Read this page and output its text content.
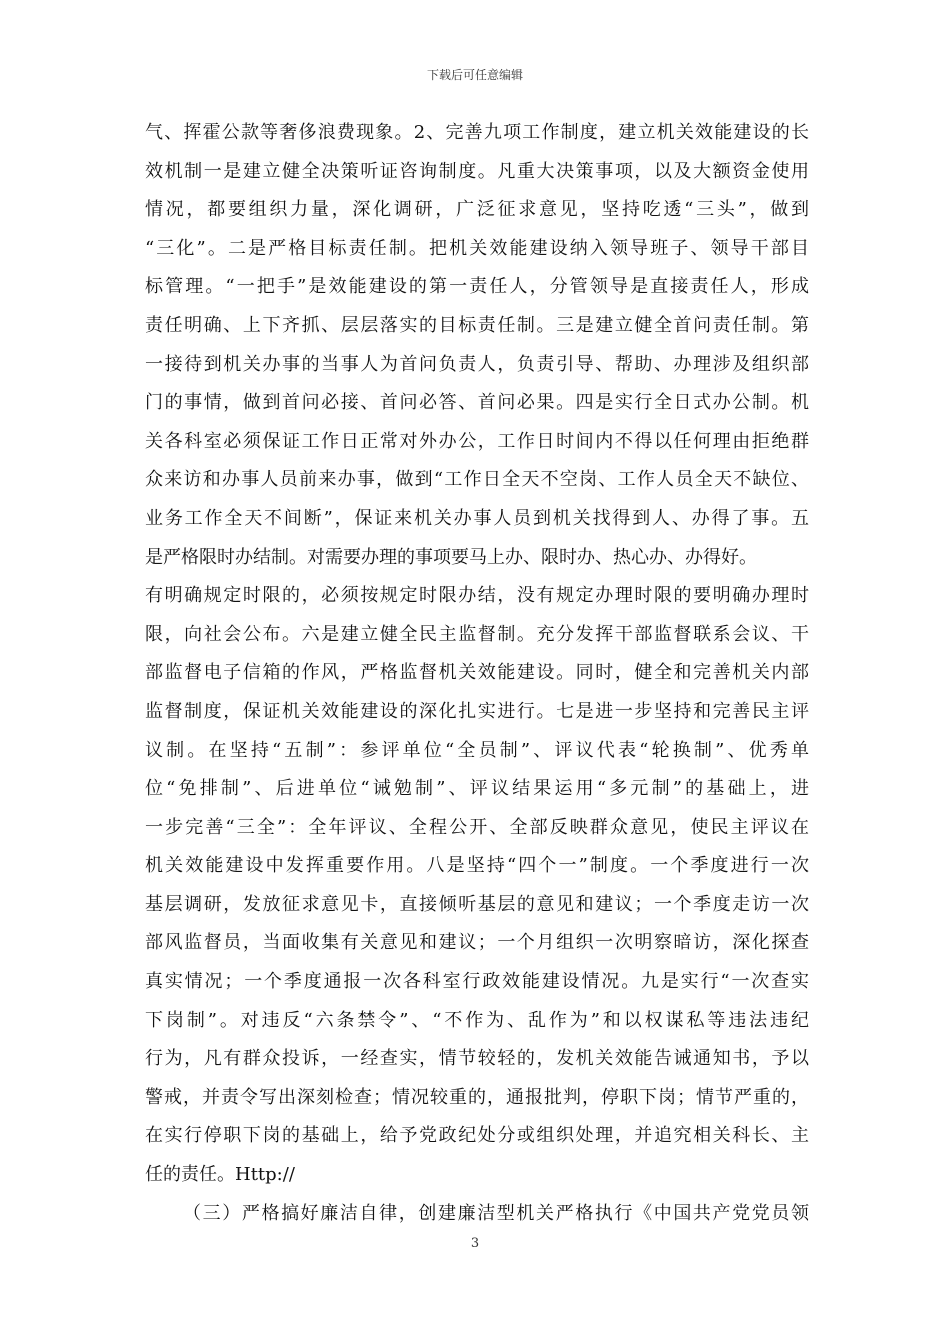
下载后可任意编辑
气、挥霍公款等奢侈浪费现象。2、完善九项工作制度，建立机关效能建设的长
效机制一是建立健全决策听证咨询制度。凡重大决策事项，以及大额资金使用
情况，都要组织力量，深化调研，广泛征求意见，坚持吃透“三头”，做到
“三化”。二是严格目标责任制。把机关效能建设纳入领导班子、领导干部目
标管理。“一把手”是效能建设的第一责任人，分管领导是直接责任人，形成
责任明确、上下齐抓、层层落实的目标责任制。三是建立健全首问责任制。第
一接待到机关办事的当事人为首问负责人，负责引导、帮助、办理涉及组织部
门的事情，做到首问必接、首问必答、首问必果。四是实行全日式办公制。机
关各科室必须保证工作日正常对外办公，工作日时间内不得以任何理由拒绝群
众来访和办事人员前来办事，做到“工作日全天不空岗、工作人员全天不缺位、
业务工作全天不间断”，保证来机关办事人员到机关找得到人、办得了事。五
是严格限时办结制。对需要办理的事项要马上办、限时办、热心办、办得好。
有明确规定时限的，必须按规定时限办结，没有规定办理时限的要明确办理时
限，向社会公布。六是建立健全民主监督制。充分发挥干部监督联系会议、干
部监督电子信箱的作风，严格监督机关效能建设。同时，健全和完善机关内部
监督制度，保证机关效能建设的深化扎实进行。七是进一步坚持和完善民主评
议制。在坚持“五制”：参评单位“全员制”、评议代表“轮换制”、优秀单
位“免排制”、后进单位“诫勉制”、评议结果运用“多元制”的基础上，进
一步完善“三全”：全年评议、全程公开、全部反映群众意见，使民主评议在
机关效能建设中发挥重要作用。八是坚持“四个一”制度。一个季度进行一次
基层调研，发放征求意见卡，直接倾听基层的意见和建议；一个季度走访一次
部风监督员，当面收集有关意见和建议；一个月组织一次明察暗访，深化探查
真实情况；一个季度通报一次各科室行政效能建设情况。九是实行“一次查实
下岗制”。对违反“六条禁令”、“不作为、乱作为”和以权谋私等违法违纪
行为，凡有群众投诉，一经查实，情节较轻的，发机关效能告诫通知书，予以
警戒，并责令写出深刻检查；情况较重的，通报批判，停职下岗；情节严重的，
在实行停职下岗的基础上，给予党政纪处分或组织处理，并追究相关科长、主
任的责任。Http://
（三）严格搞好廉洁自律，创建廉洁型机关严格执行《中国共产党党员领
3
